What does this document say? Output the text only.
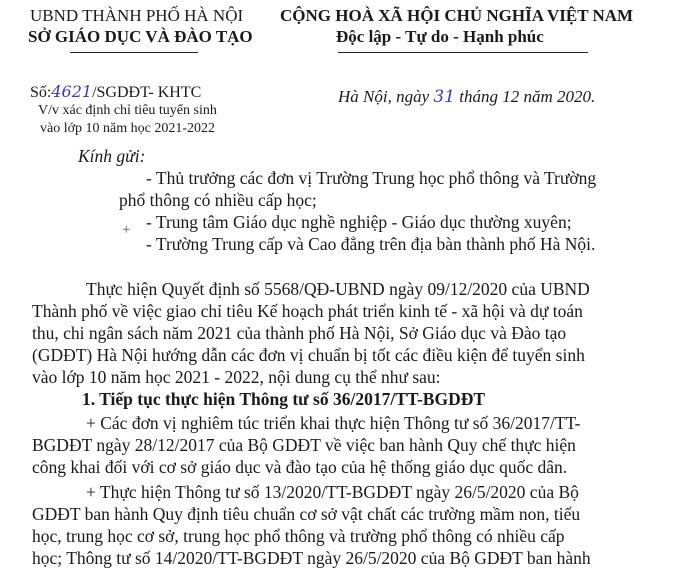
UBND THÀNH PHỐ HÀ NỘI
SỞ GIÁO DỤC VÀ ĐÀO TẠO
CỘNG HOÀ XÃ HỘI CHỦ NGHĨA VIỆT NAM
Độc lập - Tự do - Hạnh phúc
Số:4621/SGDĐT- KHTC
V/v xác định chỉ tiêu tuyển sinh
vào lớp 10 năm học 2021-2022
Hà Nội, ngày 31 tháng 12 năm 2020.
Kính gửi:
- Thủ trưởng các đơn vị Trường Trung học phổ thông và Trường
phổ thông có nhiều cấp học;
- Trung tâm Giáo dục nghề nghiệp - Giáo dục thường xuyên;
- Trường Trung cấp và Cao đẳng trên địa bàn thành phố Hà Nội.
+
Thực hiện Quyết định số 5568/QĐ-UBND ngày 09/12/2020 của UBND
Thành phố về việc giao chỉ tiêu Kế hoạch phát triển kinh tế - xã hội và dự toán
thu, chi ngân sách năm 2021 của thành phố Hà Nội, Sở Giáo dục và Đào tạo
(GDĐT) Hà Nội hướng dẫn các đơn vị chuẩn bị tốt các điều kiện để tuyển sinh
vào lớp 10 năm học 2021 - 2022, nội dung cụ thể như sau:
1. Tiếp tục thực hiện Thông tư số 36/2017/TT-BGDĐT
+ Các đơn vị nghiêm túc triển khai thực hiện Thông tư số 36/2017/TT-
BGDĐT ngày 28/12/2017 của Bộ GDĐT về việc ban hành Quy chế thực hiện
công khai đối với cơ sở giáo dục và đào tạo của hệ thống giáo dục quốc dân.
+ Thực hiện Thông tư số 13/2020/TT-BGDĐT ngày 26/5/2020 của Bộ
GDĐT ban hành Quy định tiêu chuẩn cơ sở vật chất các trường mầm non, tiểu
học, trung học cơ sở, trung học phổ thông và trường phổ thông có nhiều cấp
học; Thông tư số 14/2020/TT-BGDĐT ngày 26/5/2020 của Bộ GDĐT ban hành
